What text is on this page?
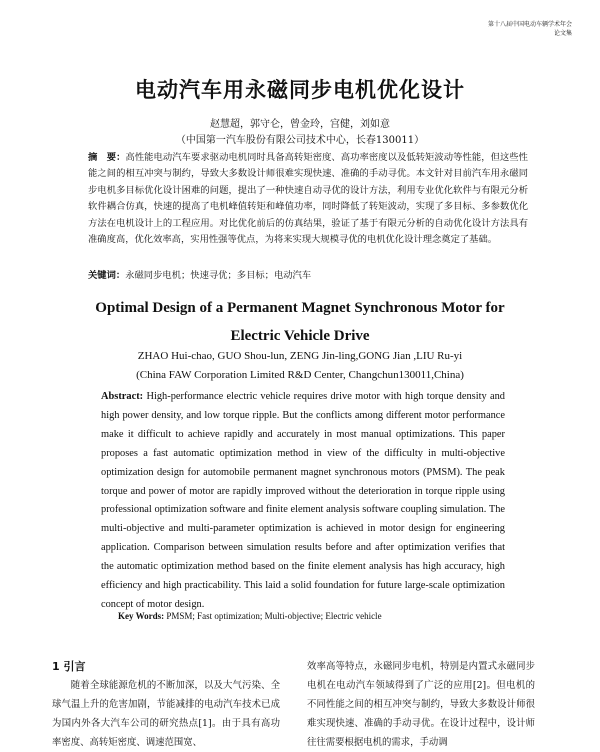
第十八届中国电动车辆学术年会
论文集
电动汽车用永磁同步电机优化设计
赵慧超，郭守仑，曾金玲，宫健，刘如意
（中国第一汽车股份有限公司技术中心，长春130011）
摘　要：高性能电动汽车要求驱动电机同时具备高转矩密度、高功率密度以及低转矩波动等性能，但这些性能之间的相互冲突与制约，导致大多数设计师很难实现快速、准确的手动寻优。本文针对目前汽车用永磁同步电机多目标优化设计困难的问题，提出了一种快速自动寻优的设计方法，利用专业优化软件与有限元分析软件耦合仿真，快速的提高了电机峰值转矩和峰值功率，同时降低了转矩波动，实现了多目标、多参数优化方法在电机设计上的工程应用。对比优化前后的仿真结果，验证了基于有限元分析的自动优化设计方法具有准确度高，优化效率高，实用性强等优点，为将来实现大规模寻优的电机优化设计理念奠定了基础。
关键词：永磁同步电机；快速寻优；多目标；电动汽车
Optimal Design of a Permanent Magnet Synchronous Motor for
Electric Vehicle Drive
ZHAO Hui-chao, GUO Shou-lun, ZENG Jin-ling,GONG Jian ,LIU Ru-yi
(China FAW Corporation Limited R&D Center, Changchun130011,China)
Abstract: High-performance electric vehicle requires drive motor with high torque density and high power density, and low torque ripple. But the conflicts among different motor performance make it difficult to achieve rapidly and accurately in most manual optimizations. This paper proposes a fast automatic optimization method in view of the difficulty in multi-objective optimization design for automobile permanent magnet synchronous motors (PMSM). The peak torque and power of motor are rapidly improved without the deterioration in torque ripple using professional optimization software and finite element analysis software coupling simulation. The multi-objective and multi-parameter optimization is achieved in motor design for engineering application. Comparison between simulation results before and after optimization verifies that the automatic optimization method based on the finite element analysis has high accuracy, high efficiency and high practicability. This laid a solid foundation for future large-scale optimization concept of motor design.
Key Words: PMSM; Fast optimization; Multi-objective; Electric vehicle
1 引言
随着全球能源危机的不断加深，以及大气污染、全球气温上升的危害加剧，节能减排的电动汽车技术已成为国内外各大汽车公司的研究热点[1]。由于具有高功率密度、高转矩密度、调速范围宽、
效率高等特点，永磁同步电机，特别是内置式永磁同步电机在电动汽车领域得到了广泛的应用[2]。但电机的不同性能之间的相互冲突与制约，导致大多数设计师很难实现快速、准确的手动寻优。在设计过程中，设计师往往需要根据电机的需求，手动调
